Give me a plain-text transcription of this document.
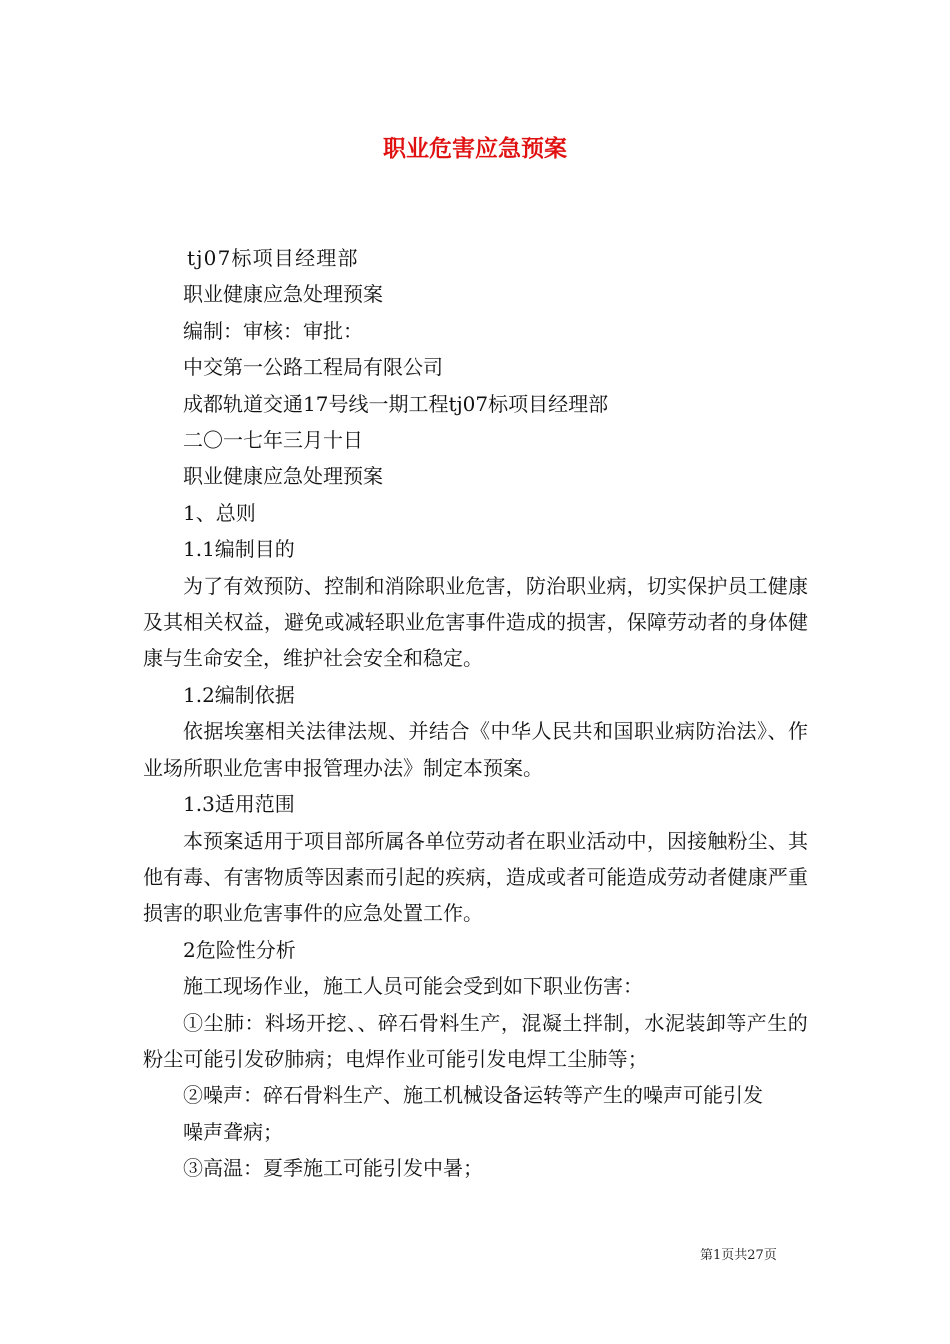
职业危害应急预案

tj07标项目经理部

职业健康应急处理预案

编制：审核：审批：

中交第一公路工程局有限公司

成都轨道交通17号线一期工程tj07标项目经理部

二〇一七年三月十日

职业健康应急处理预案

1、总则

1.1编制目的

为了有效预防、控制和消除职业危害，防治职业病，切实保护员工健康及其相关权益，避免或减轻职业危害事件造成的损害，保障劳动者的身体健康与生命安全，维护社会安全和稳定。

1.2编制依据

依据埃塞相关法律法规、并结合《中华人民共和国职业病防治法》、作业场所职业危害申报管理办法》制定本预案。

1.3适用范围

本预案适用于项目部所属各单位劳动者在职业活动中，因接触粉尘、其他有毒、有害物质等因素而引起的疾病，造成或者可能造成劳动者健康严重损害的职业危害事件的应急处置工作。

2危险性分析

施工现场作业，施工人员可能会受到如下职业伤害：

①尘肺：料场开挖、、碎石骨料生产，混凝土拌制，水泥装卸等产生的粉尘可能引发矽肺病；电焊作业可能引发电焊工尘肺等；

②噪声：碎石骨料生产、施工机械设备运转等产生的噪声可能引发

噪声聋病；

③高温：夏季施工可能引发中暑；

第1页共27页
